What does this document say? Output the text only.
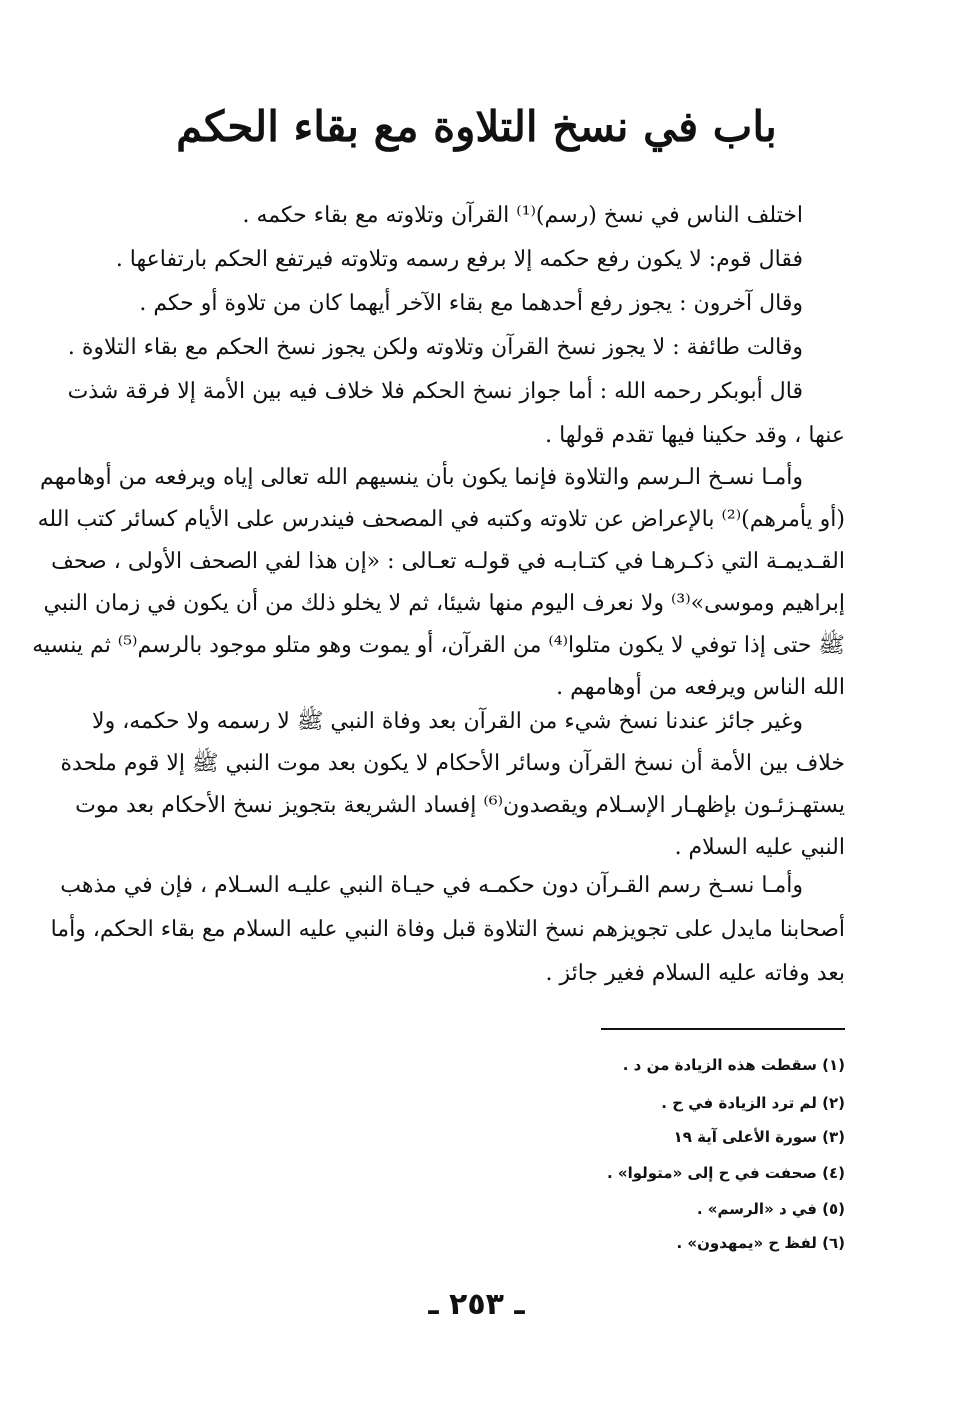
باب في نسخ التلاوة مع بقاء الحكم
اختلف الناس في نسخ (رسم)⁽¹⁾ القرآن وتلاوته مع بقاء حكمه .
فقال قوم: لا يكون رفع حكمه إلا برفع رسمه وتلاوته فيرتفع الحكم بارتفاعها .
وقال آخرون : يجوز رفع أحدهما مع بقاء الآخر أيهما كان من تلاوة أو حكم .
وقالت طائفة : لا يجوز نسخ القرآن وتلاوته ولكن يجوز نسخ الحكم مع بقاء التلاوة .
قال أبوبكر رحمه الله : أما جواز نسخ الحكم فلا خلاف فيه بين الأمة إلا فرقة شذت
عنها ، وقد حكينا فيها تقدم قولها .
وأمـا نسـخ الـرسم والتلاوة فإنما يكون بأن ينسيهم الله تعالى إياه ويرفعه من أوهامهم
(أو يأمرهم)⁽²⁾ بالإعراض عن تلاوته وكتبه في المصحف فيندرس على الأيام كسائر كتب الله
القـديمـة التي ذكـرهـا في كتـابـه في قولـه تعـالى : «إن هذا لفي الصحف الأولى ، صحف
إبراهيم وموسى»⁽³⁾ ولا نعرف اليوم منها شيئا، ثم لا يخلو ذلك من أن يكون في زمان النبي
ﷺ حتى إذا توفي لا يكون متلوا⁽⁴⁾ من القرآن، أو يموت وهو متلو موجود بالرسم⁽⁵⁾ ثم ينسيه
الله الناس ويرفعه من أوهامهم .
وغير جائز عندنا نسخ شيء من القرآن بعد وفاة النبي ﷺ لا رسمه ولا حكمه، ولا
خلاف بين الأمة أن نسخ القرآن وسائر الأحكام لا يكون بعد موت النبي ﷺ إلا قوم ملحدة
يستهـزئـون بإظهـار الإسـلام ويقصدون⁽⁶⁾ إفساد الشريعة بتجويز نسخ الأحكام بعد موت
النبي عليه السلام .
وأمـا نسـخ رسم القـرآن دون حكمـه في حيـاة النبي عليـه السـلام ، فإن في مذهب
أصحابنا مايدل على تجويزهم نسخ التلاوة قبل وفاة النبي عليه السلام مع بقاء الحكم، وأما
بعد وفاته عليه السلام فغير جائز .
(١) سقطت هذه الزيادة من د .
(٢) لم ترد الزيادة في ح .
(٣) سورة الأعلى آية ١٩
(٤) صحفت في ح إلى «متولوا» .
(٥) في د «الرسم» .
(٦) لفظ ح «يمهدون» .
ـ ٢٥٣ ـ
